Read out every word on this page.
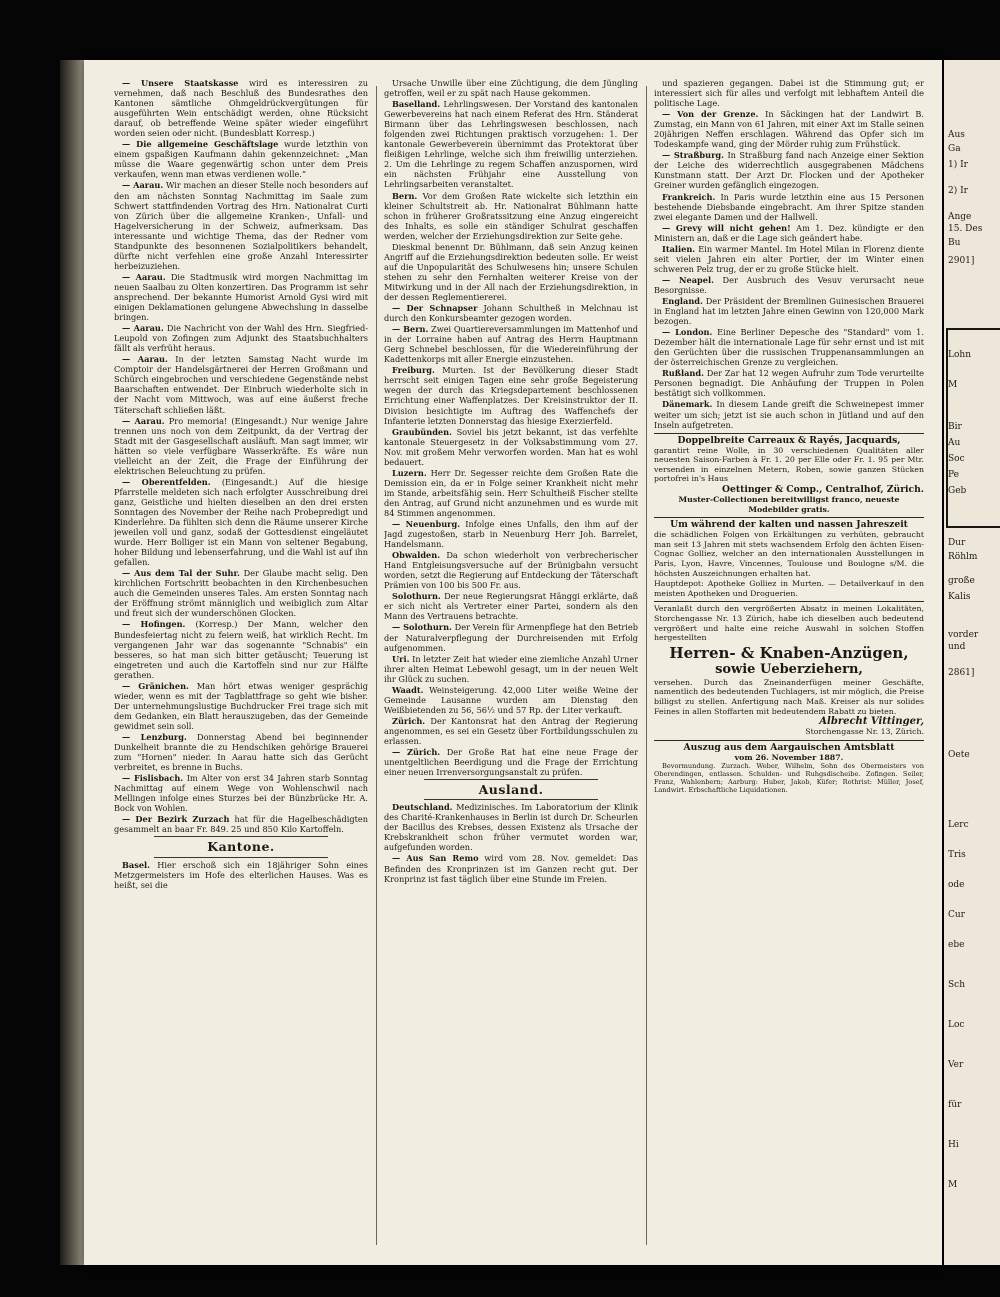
— Unsere Staatskasse wird es interessiren zu vernehmen, daß nach Beschluß des Bundesrathes den Kantonen sämtliche Ohmgeldrückvergütungen für ausgeführten Wein entschädigt werden, ohne Rücksicht darauf, ob betreffende Weine später wieder eingeführt worden seien oder nicht. (Bundesblatt Korresp.)

— Die allgemeine Geschäftslage wurde letzthin von einem gspaßigen Kaufmann dahin gekennzeichnet: „Man müsse die Waare gegenwärtig schon unter dem Preis verkaufen, wenn man etwas verdienen wolle.“

— Aarau. Wir machen an dieser Stelle noch besonders auf den am nächsten Sonntag Nachmittag im Saale zum Schwert stattfindenden Vortrag des Hrn. Nationalrat Curti von Zürich über die allgemeine Kranken-, Unfall- und Hagelversicherung in der Schweiz, aufmerksam. Das interessante und wichtige Thema, das der Redner vom Standpunkte des besonnenen Sozialpolitikers behandelt, dürfte nicht verfehlen eine große Anzahl Interessirter herbeizuziehen.

— Aarau. Die Stadtmusik wird morgen Nachmittag im neuen Saalbau zu Olten konzertiren. Das Programm ist sehr ansprechend. Der bekannte Humorist Arnold Gysi wird mit einigen Deklamationen gelungene Abwechslung in dasselbe bringen.

— Aarau. Die Nachricht von der Wahl des Hrn. Siegfried-Leupold von Zofingen zum Adjunkt des Staatsbuchhalters fällt als verfrüht heraus.

— Aarau. In der letzten Samstag Nacht wurde im Comptoir der Handelsgärtnerei der Herren Großmann und Schürch eingebrochen und verschiedene Gegenstände nebst Baarschaften entwendet. Der Einbruch wiederholte sich in der Nacht vom Mittwoch, was auf eine äußerst freche Täterschaft schließen läßt.

— Aarau. Pro memoria! (Eingesandt.) Nur wenige Jahre trennen uns noch von dem Zeitpunkt, da der Vertrag der Stadt mit der Gasgesellschaft ausläuft. Man sagt immer, wir hätten so viele verfügbare Wasserkräfte. Es wäre nun vielleicht an der Zeit, die Frage der Einführung der elektrischen Beleuchtung zu prüfen.

— Oberentfelden. (Eingesandt.) Auf die hiesige Pfarrstelle meldeten sich nach erfolgter Ausschreibung drei ganz, Geistliche und hielten dieselben an den drei ersten Sonntagen des November der Reihe nach Probepredigt und Kinderlehre. Da fühlten sich denn die Räume unserer Kirche jeweilen voll und ganz, sodaß der Gottesdienst eingeläutet wurde. Herr Bolliger ist ein Mann von seltener Begabung, hoher Bildung und lebenserfahrung, und die Wahl ist auf ihn gefallen.

— Aus dem Tal der Suhr. Der Glaube macht selig. Den kirchlichen Fortschritt beobachten in den Kirchenbesuchen auch die Gemeinden unseres Tales. Am ersten Sonntag nach der Eröffnung strömt männiglich und weibiglich zum Altar und freut sich der wunderschönen Glocken.

— Hofingen. (Korresp.) Der Mann, welcher den Bundesfeiertag nicht zu feiern weiß, hat wirklich Recht. Im vergangenen Jahr war das sogenannte "Schnabis" ein besseres, so hat man sich bitter getäuscht; Teuerung ist eingetreten und auch die Kartoffeln sind nur zur Hälfte gerathen.

— Gränichen. Man hört etwas weniger gesprächig wieder, wenn es mit der Tagblattfrage so geht wie bisher. Der unternehmungslustige Buchdrucker Frei trage sich mit dem Gedanken, ein Blatt herauszugeben, das der Gemeinde gewidmet sein soll.

— Lenzburg. Donnerstag Abend bei beginnender Dunkelheit brannte die zu Hendschiken gehörige Brauerei zum "Hornen" nieder. In Aarau hatte sich das Gerücht verbreitet, es brenne in Buchs.

— Fislisbach. Im Alter von erst 34 Jahren starb Sonntag Nachmittag auf einem Wege von Wohlenschwil nach Mellingen infolge eines Sturzes bei der Bünzbrücke Hr. A. Bock von Wohlen.

— Der Bezirk Zurzach hat für die Hagelbeschädigten gesammelt an baar Fr. 849. 25 und 850 Kilo Kartoffeln.

Kantone.

Basel. Hier erschoß sich ein 18jähriger Sohn eines Metzgermeisters im Hofe des elterlichen Hauses. Was es heißt, sei die

Ursache Unwille über eine Züchtigung, die dem Jüngling getroffen, weil er zu spät nach Hause gekommen.

Baselland. Lehrlingswesen. Der Vorstand des kantonalen Gewerbevereins hat nach einem Referat des Hrn. Ständerat Birmann über das Lehrlingswesen beschlossen, nach folgenden zwei Richtungen praktisch vorzugehen: 1. Der kantonale Gewerbeverein übernimmt das Protektorat über fleißigen Lehrlinge, welche sich ihm freiwillig unterziehen. 2. Um die Lehrlinge zu regem Schaffen anzuspornen, wird ein nächsten Frühjahr eine Ausstellung von Lehrlingsarbeiten veranstaltet.

Bern. Vor dem Großen Rate wickelte sich letzthin ein kleiner Schultstreit ab. Hr. Nationalrat Bühlmann hatte schon in früherer Großratssitzung eine Anzug eingereicht des Inhalts, es solle ein ständiger Schulrat geschaffen werden, welcher der Erziehungsdirektion zur Seite gehe.

Dieskmal benennt Dr. Bühlmann, daß sein Anzug keinen Angriff auf die Erziehungsdirektion bedeuten solle. Er weist auf die Unpopularität des Schulwesens hin; unsere Schulen stehen zu sehr den Fernhalten weiterer Kreise von der Mitwirkung und in der All nach der Erziehungsdirektion, in der dessen Reglementiererei.

— Der Schnapser Johann Schultheß in Melchnau ist durch den Konkursbeamter gezogen worden.

— Bern. Zwei Quartiereversammlungen im Mattenhof und in der Lorraine haben auf Antrag des Herrn Hauptmann Gerg Schnebel beschlossen, für die Wiedereinführung der Kadettenkorps mit aller Energie einzustehen.

Freiburg. Murten. Ist der Bevölkerung dieser Stadt herrscht seit einigen Tagen eine sehr große Begeisterung wegen der durch das Kriegsdepartement beschlossenen Errichtung einer Waffenplatzes. Der Kreisinstruktor der II. Division besichtigte im Auftrag des Waffenchefs der Infanterie letzten Donnerstag das hiesige Exerzierfeld.

Graubünden. Soviel bis jetzt bekannt, ist das verfehlte kantonale Steuergesetz in der Volksabstimmung vom 27. Nov. mit großem Mehr verworfen worden. Man hat es wohl bedauert.

Luzern. Herr Dr. Segesser reichte dem Großen Rate die Demission ein, da er in Folge seiner Krankheit nicht mehr im Stande, arbeitsfähig sein. Herr Schultheiß Fischer stellte den Antrag, auf Grund nicht anzunehmen und es wurde mit 84 Stimmen angenommen.

— Neuenburg. Infolge eines Unfalls, den ihm auf der Jagd zugestoßen, starb in Neuenburg Herr Joh. Barrelet, Handelsmann.

Obwalden. Da schon wiederholt von verbrecherischer Hand Entgleisungsversuche auf der Brünigbahn versucht worden, setzt die Regierung auf Entdeckung der Täterschaft Prämien von 100 bis 500 Fr. aus.

Solothurn. Der neue Regierungsrat Hänggi erklärte, daß er sich nicht als Vertreter einer Partei, sondern als den Mann des Vertrauens betrachte.

— Solothurn. Der Verein für Armenpflege hat den Betrieb der Naturalverpflegung der Durchreisenden mit Erfolg aufgenommen.

Uri. In letzter Zeit hat wieder eine ziemliche Anzahl Urner ihrer alten Heimat Lebewohl gesagt, um in der neuen Welt ihr Glück zu suchen.

Waadt. Weinsteigerung. 42,000 Liter weiße Weine der Gemeinde Lausanne wurden am Dienstag den Weißbietenden zu 56, 56½ und 57 Rp. der Liter verkauft.

Zürich. Der Kantonsrat hat den Antrag der Regierung angenommen, es sei ein Gesetz über Fortbildungsschulen zu erlassen.

— Zürich. Der Große Rat hat eine neue Frage der unentgeltlichen Beerdigung und die Frage der Errichtung einer neuen Irrenversorgungsanstalt zu prüfen.

Ausland.

Deutschland. Medizinisches. Im Laboratorium der Klinik des Charité-Krankenhauses in Berlin ist durch Dr. Scheurlen der Bacillus des Krebses, dessen Existenz als Ursache der Krebskrankheit schon früher vermutet worden war, aufgefunden worden.

— Aus San Remo wird vom 28. Nov. gemeldet: Das Befinden des Kronprinzen ist im Ganzen recht gut. Der Kronprinz ist fast täglich über eine Stunde im Freien.

und spazieren gegangen. Dabei ist die Stimmung gut; er interessiert sich für alles und verfolgt mit lebhaftem Anteil die politische Lage.

— Von der Grenze. In Säckingen hat der Landwirt B. Zumstag, ein Mann von 61 Jahren, mit einer Axt im Stalle seinen 20jährigen Neffen erschlagen. Während das Opfer sich im Todeskampfe wand, ging der Mörder ruhig zum Frühstück.

— Straßburg. In Straßburg fand nach Anzeige einer Sektion der Leiche des widerrechtlich ausgegrabenen Mädchens Kunstmann statt. Der Arzt Dr. Flocken und der Apotheker Greiner wurden gefänglich eingezogen.

Frankreich. In Paris wurde letzthin eine aus 15 Personen bestehende Diebsbande eingebracht. Am ihrer Spitze standen zwei elegante Damen und der Hallwell.

— Grevy will nicht gehen! Am 1. Dez. kündigte er den Ministern an, daß er die Lage sich geändert habe.

Italien. Ein warmer Mantel. Im Hotel Milan in Florenz diente seit vielen Jahren ein alter Portier, der im Winter einen schweren Pelz trug, der er zu große Stücke hielt.

— Neapel. Der Ausbruch des Vesuv verursacht neue Besorgnisse.

England. Der Präsident der Bremlinen Guinesischen Brauerei in England hat im letzten Jahre einen Gewinn von 120,000 Mark bezogen.

— London. Eine Berliner Depesche des "Standard" vom 1. Dezember hält die internationale Lage für sehr ernst und ist mit den Gerüchten über die russischen Truppenansammlungen an der österreichischen Grenze zu vergleichen.

Rußland. Der Zar hat 12 wegen Aufruhr zum Tode verurteilte Personen begnadigt. Die Anhäufung der Truppen in Polen bestätigt sich vollkommen.

Dänemark. In diesem Lande greift die Schweinepest immer weiter um sich; jetzt ist sie auch schon in Jütland und auf den Inseln aufgetreten.

Doppelbreite Carreaux & Rayés, Jacquards,

garantirt reine Wolle, in 30 verschiedenen Qualitäten aller neuesten Saison-Farben à Fr. 1. 20 per Elle oder Fr. 1. 95 per Mtr. versenden in einzelnen Metern, Roben, sowie ganzen Stücken portofrei in's Haus

Oettinger & Comp., Centralhof, Zürich.
Muster-Collectionen bereitwilligst franco, neueste Modebilder gratis.
Um während der kalten und nassen Jahreszeit

die schädlichen Folgen von Erkältungen zu verhüten, gebraucht man seit 13 Jahren mit stets wachsendem Erfolg den ächten Eisen-Cognac Golliez, welcher an den internationalen Ausstellungen in Paris, Lyon, Havre, Vincennes, Toulouse und Boulogne s/M. die höchsten Auszeichnungen erhalten hat.

Hauptdepot: Apotheke Golliez in Murten. — Detailverkauf in den meisten Apotheken und Droguerien.

Veranlaßt durch den vergrößerten Absatz in meinen Lokalitäten, Storchengasse Nr. 13 Zürich, habe ich dieselben auch bedeutend vergrößert und halte eine reiche Auswahl in solchen Stoffen hergestellten

Herren- & Knaben-Anzügen,
sowie Ueberziehern,

versehen. Durch das Zneinanderfügen meiner Geschäfte, namentlich des bedeutenden Tuchlagers, ist mir möglich, die Preise billigst zu stellen. Anfertigung nach Maß. Kreiser als nur solides Feines in allen Stoffarten mit bedeutendem Rabatt zu bieten.

Albrecht Vittinger,
Storchengasse Nr. 13, Zürich.
Auszug aus dem Aargauischen Amtsblatt
vom 26. November 1887.

Bevormundung. Zurzach. Weber, Wilhelm, Sohn des Obermeisters von Oberendingen, entlassen. Schulden- und Ruhgsdischeibe. Zofingen. Seiler, Franz, Wahlenbern; Aarburg: Huber, Jakob, Küfer; Rothrist: Müller, Josef, Landwirt. Erbschaftliche Liquidationen.

Aus
Ga
1) Ir
2) Ir
Ange
15. Des
Bu
2901]
Lohn
M
Bir
Au
Soc
Pe
Geb
Dur
Röhlm
große
Kalis
vorder
und
2861]
Oete
Lerc
Tris
ode
Cur
ebe
Sch
Loc
Ver
für
Hi
M
